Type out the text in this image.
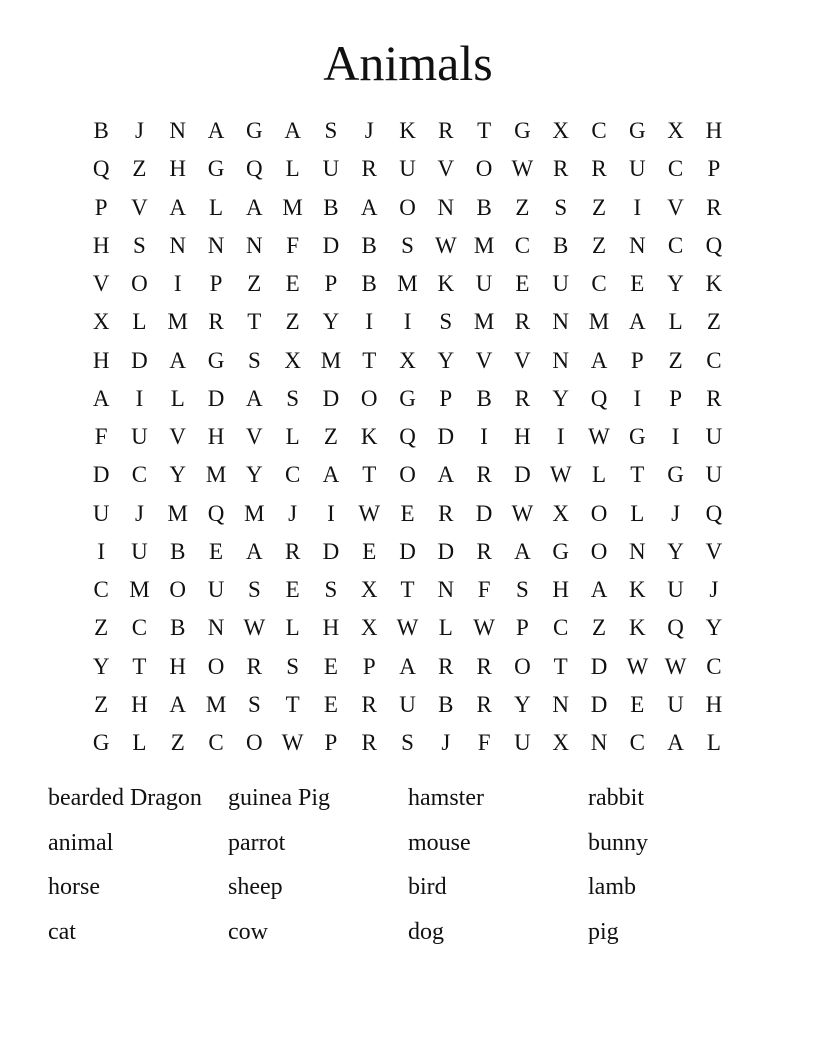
Animals
B	J	N A G A	S	J	K R	T G X C G X H
Q Z H G Q L U R U V O W R R U C	P
P	V A L A M B A O N B	Z	S	Z	I	V R
H	S	N N N	F	D B	S W M C B	Z N C Q
V O	I	P	Z	E	P	B M K U E U C	E Y K
X L M R	T	Z Y	I	I	S M R N M A L	Z
H D A G	S	X M T X Y V V N A	P	Z	C
A	I	L D A	S	D O G	P	B R Y Q	I	P	R
F	U V H V L	Z K Q D	I	H	I	W G	I	U
D C Y M Y C A T O A R D W L	T G U
U	J	M Q M	J	I	W E	R D W X O L	J	Q
I	U B	E A R D E D D R A G O N Y V
C M O U	S	E	S	X T N	F	S	H A K U	J
Z	C B N W L H X W L W P	C	Z K Q Y
Y T H O R	S	E	P	A R R O T D W W C
Z H A M S	T	E	R U B R Y N D E U H
G L	Z	C O W P	R	S	J	F	U X N C A L
bearded Dragon	guinea Pig	hamster	rabbit
animal	parrot	mouse	bunny
horse	sheep	bird	lamb
cat	cow	dog	pig
